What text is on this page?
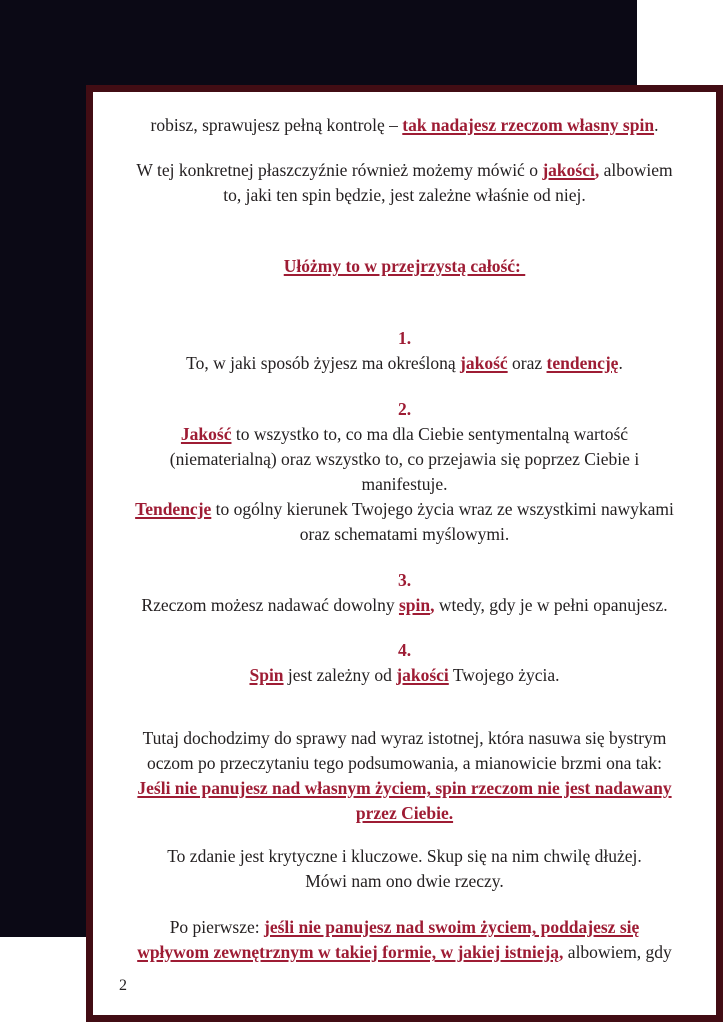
robisz, sprawujesz pełną kontrolę – tak nadajesz rzeczom własny spin.

W tej konkretnej płaszczyźnie również możemy mówić o jakości, albowiem

to, jaki ten spin będzie, jest zależne właśnie od niej.

Ułóżmy to w przejrzystą całość:

1.

To, w jaki sposób żyjesz ma określoną jakość oraz tendencję.

2.

Jakość to wszystko to, co ma dla Ciebie sentymentalną wartość

(niematerialną) oraz wszystko to, co przejawia się poprzez Ciebie i

manifestuje.

Tendencje to ogólny kierunek Twojego życia wraz ze wszystkimi nawykami

oraz schematami myślowymi.

3.

Rzeczom możesz nadawać dowolny spin, wtedy, gdy je w pełni opanujesz.

4.

Spin jest zależny od jakości Twojego życia.

Tutaj dochodzimy do sprawy nad wyraz istotnej, która nasuwa się bystrym

oczom po przeczytaniu tego podsumowania, a mianowicie brzmi ona tak:

Jeśli nie panujesz nad własnym życiem, spin rzeczom nie jest nadawany

przez Ciebie.

To zdanie jest krytyczne i kluczowe. Skup się na nim chwilę dłużej.

Mówi nam ono dwie rzeczy.

Po pierwsze: jeśli nie panujesz nad swoim życiem, poddajesz się

wpływom zewnętrznym w takiej formie, w jakiej istnieją, albowiem, gdy

2
